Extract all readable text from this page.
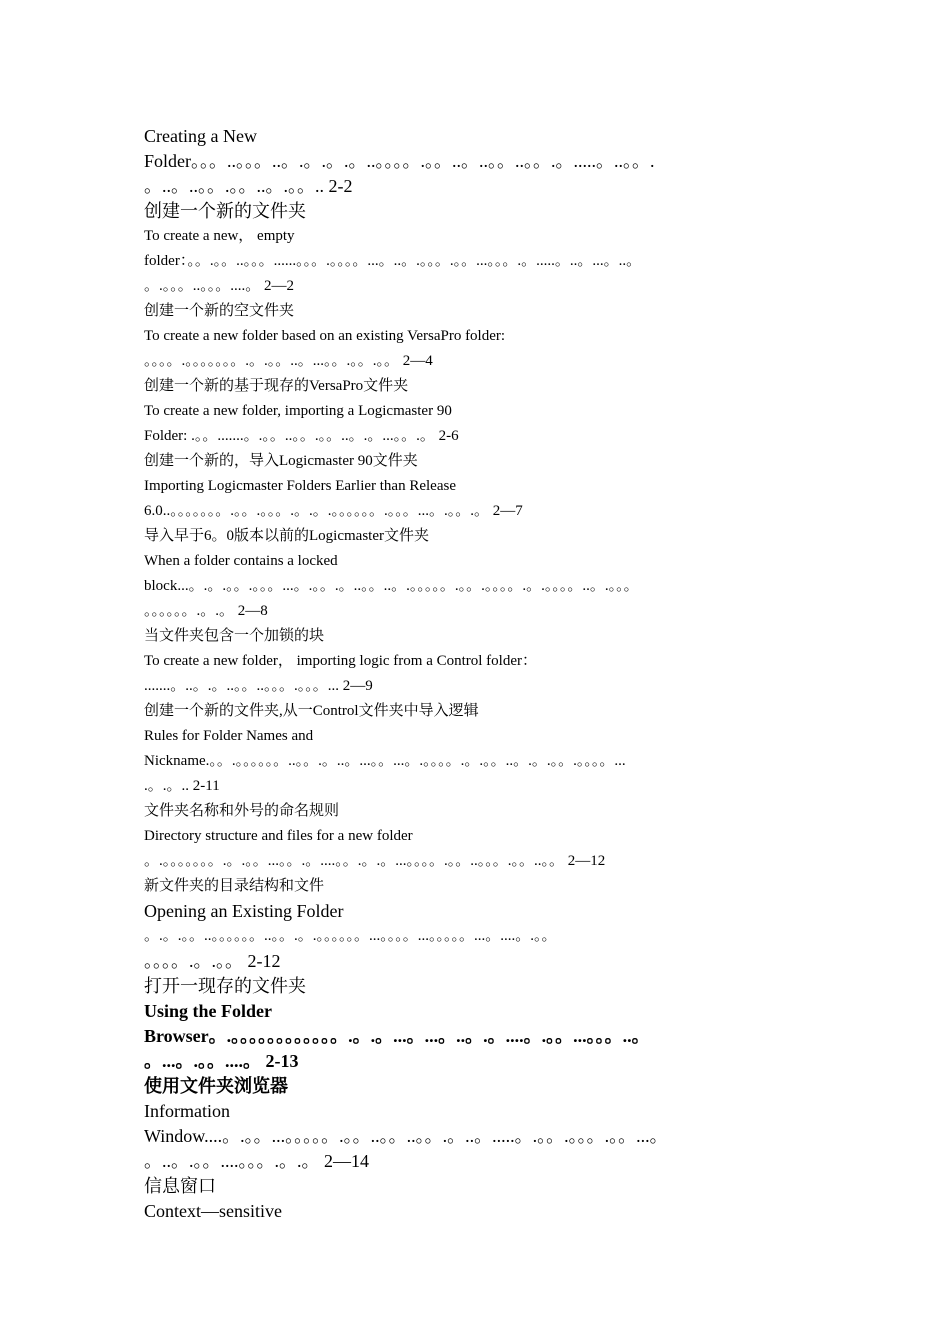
Creating a New
Folder。。。..。。。..。.。.。.。..。。。。.。。..。..。。..。。.。.....。..。。.
。..。..。。.。。..。.。。.. 2-2
创建一个新的文件夹
To create a new， empty
folder：。。.。。..。。。......。。。.。。。。...。..。.。。。.。。...。。。.。.....。..。...。..。
。.。。。..。。。....。 2—2
创建一个新的空文件夹
To create a new folder based on an existing VersaPro folder:
。。。。.。。。。。。。.。.。。..。...。。.。。.。。 2—4
创建一个新的基于现存的VersaPro文件夹
To create a new folder, importing a Logicmaster 90
Folder: .。。.......。.。。..。。.。。..。.。...。。.。 2-6
创建一个新的，导入Logicmaster 90文件夹
Importing Logicmaster Folders Earlier than Release
6.0..。。。。。。。.。。.。。。.。.。.。。。。。。.。。。...。.。。.。 2—7
导入早于6。0版本以前的Logicmaster文件夹
When a folder contains a locked
block...。.。.。。.。。。...。.。。.。..。。..。.。。。。。.。。.。。。。.。.。。。。..。.。。。
。。。。。。.。.。 2—8
当文件夹包含一个加锁的块
To create a new folder， importing logic from a Control folder：
.......。..。.。..。。..。。。.。。。... 2—9
创建一个新的文件夹,从一Control文件夹中导入逻辑
Rules for Folder Names and
Nickname.。。.。。。。。。..。。.。..。...。。...。.。。。。.。.。。..。.。.。。.。。。。...
.。.。.. 2-11
文件夹名称和外号的命名规则
Directory structure and files for a new folder
。.。。。。。。。.。.。。...。。.。....。。.。.。...。。。。.。。..。。。.。。..。。 2—12
新文件夹的目录结构和文件
Opening an Existing Folder
。.。.。。..。。。。。。..。。.。.。。。。。。...。。。。...。。。。。...。....。.。。
。。。。.。.。。 2-12
打开一现存的文件夹
Using the Folder
Browser。.。。。。。。。。。。。。.。.。...。...。..。.。....。.。。...。。。..。
。...。.。。....。 2-13
使用文件夹浏览器
Information
Window....。.。。...。。。。。.。。..。。..。。.。..。.....。.。。.。。。.。。...。
。..。.。。....。。。.。.。 2—14
信息窗口
Context—sensitive
